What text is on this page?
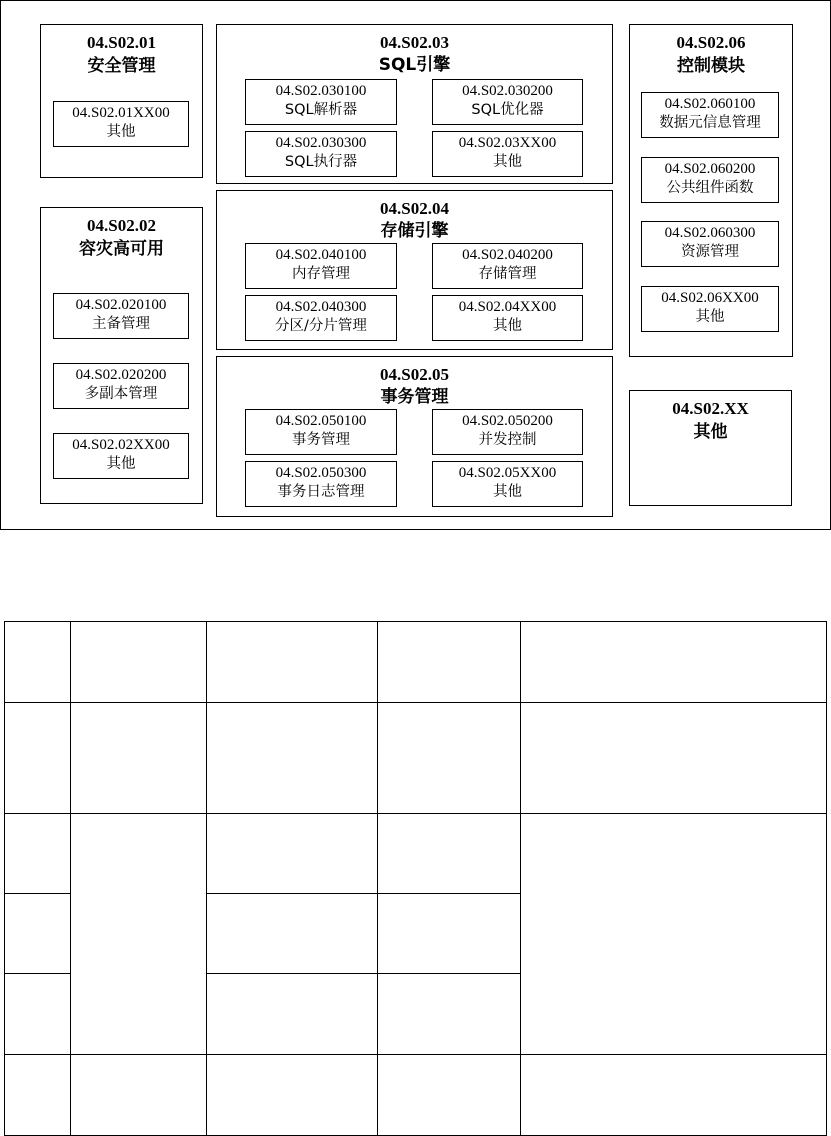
04.S02.01
安全管理
04.S02.01XX00
其他
04.S02.02
容灾高可用
04.S02.020100
主备管理
04.S02.020200
多副本管理
04.S02.02XX00
其他
04.S02.03
SQL引擎
04.S02.030100
SQL解析器
04.S02.030200
SQL优化器
04.S02.030300
SQL执行器
04.S02.03XX00
其他
04.S02.04
存储引擎
04.S02.040100
内存管理
04.S02.040200
存储管理
04.S02.040300
分区/分片管理
04.S02.04XX00
其他
04.S02.05
事务管理
04.S02.050100
事务管理
04.S02.050200
并发控制
04.S02.050300
事务日志管理
04.S02.05XX00
其他
04.S02.06
控制模块
04.S02.060100
数据元信息管理
04.S02.060200
公共组件函数
04.S02.060300
资源管理
04.S02.06XX00
其他
04.S02.XX
其他
